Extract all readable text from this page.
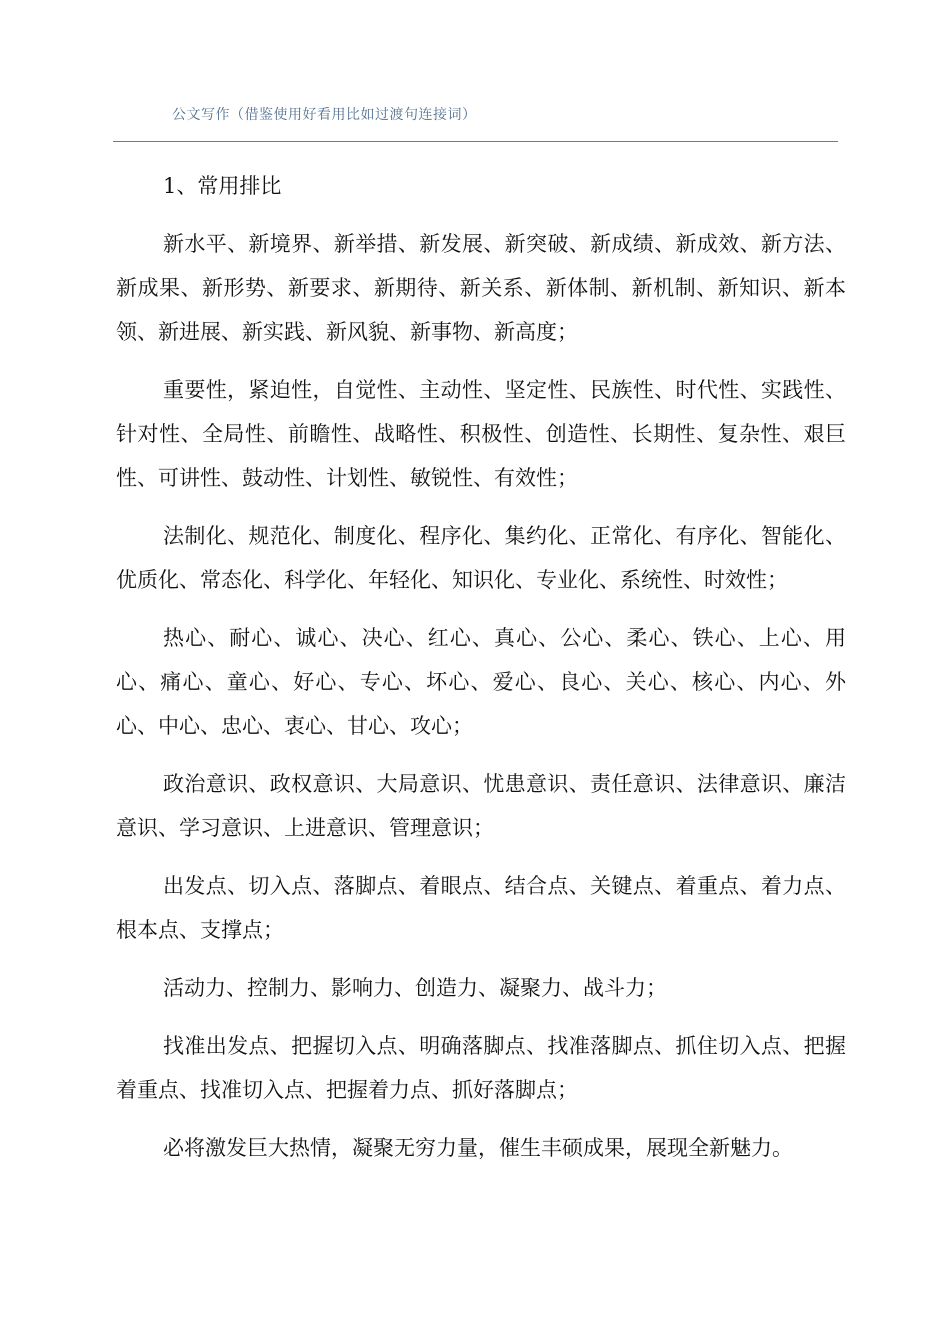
公文写作（借鉴使用好看用比如过渡句连接词）

1、常用排比

新水平、新境界、新举措、新发展、新突破、新成绩、新成效、新方法、新成果、新形势、新要求、新期待、新关系、新体制、新机制、新知识、新本领、新进展、新实践、新风貌、新事物、新高度；

重要性，紧迫性，自觉性、主动性、坚定性、民族性、时代性、实践性、针对性、全局性、前瞻性、战略性、积极性、创造性、长期性、复杂性、艰巨性、可讲性、鼓动性、计划性、敏锐性、有效性；

法制化、规范化、制度化、程序化、集约化、正常化、有序化、智能化、优质化、常态化、科学化、年轻化、知识化、专业化、系统性、时效性；

热心、耐心、诚心、决心、红心、真心、公心、柔心、铁心、上心、用心、痛心、童心、好心、专心、坏心、爱心、良心、关心、核心、内心、外心、中心、忠心、衷心、甘心、攻心；

政治意识、政权意识、大局意识、忧患意识、责任意识、法律意识、廉洁意识、学习意识、上进意识、管理意识；

出发点、切入点、落脚点、着眼点、结合点、关键点、着重点、着力点、根本点、支撑点；

活动力、控制力、影响力、创造力、凝聚力、战斗力；

找准出发点、把握切入点、明确落脚点、找准落脚点、抓住切入点、把握着重点、找准切入点、把握着力点、抓好落脚点；

必将激发巨大热情，凝聚无穷力量，催生丰硕成果，展现全新魅力。
